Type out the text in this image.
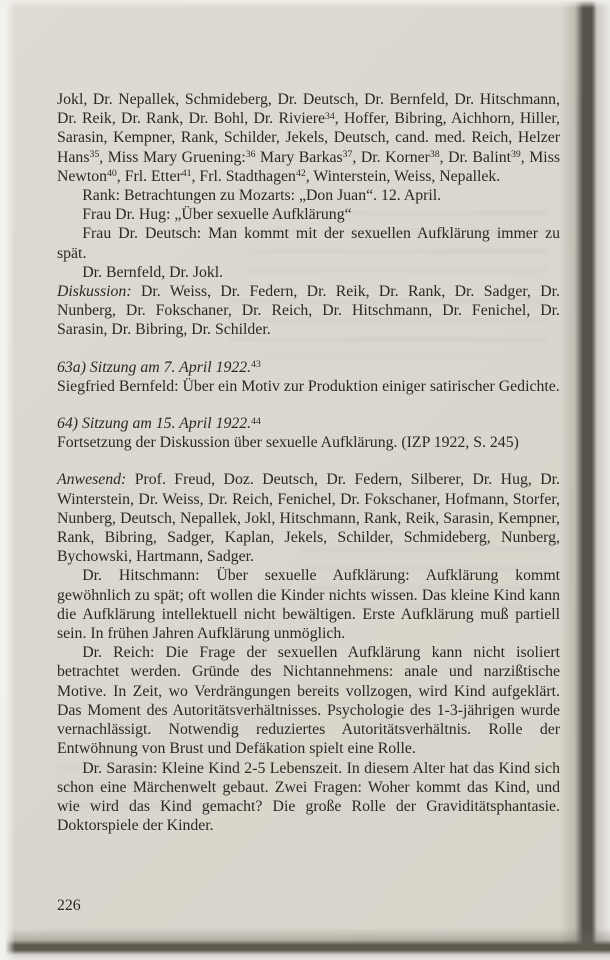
Jokl, Dr. Nepallek, Schmideberg, Dr. Deutsch, Dr. Bernfeld, Dr. Hitschmann, Dr. Reik, Dr. Rank, Dr. Bohl, Dr. Riviere$^{34}$, Hoffer, Bibring, Aichhorn, Hiller, Sarasin, Kempner, Rank, Schilder, Jekels, Deutsch, cand. med. Reich, Helzer Hans$^{35}$, Miss Mary Gruening:$^{36}$ Mary Barkas$^{37}$, Dr. Korner$^{38}$, Dr. Balint$^{39}$, Miss Newton$^{40}$, Frl. Etter$^{41}$, Frl. Stadthagen$^{42}$, Winterstein, Weiss, Nepallek.

Rank: Betrachtungen zu Mozarts: „Don Juan“. 12. April.

Frau Dr. Hug: „Über sexuelle Aufklärung“

Frau Dr. Deutsch: Man kommt mit der sexuellen Aufklärung immer zu spät.

Dr. Bernfeld, Dr. Jokl.

Diskussion: Dr. Weiss, Dr. Federn, Dr. Reik, Dr. Rank, Dr. Sadger, Dr. Nunberg, Dr. Fokschaner, Dr. Reich, Dr. Hitschmann, Dr. Fenichel, Dr. Sarasin, Dr. Bibring, Dr. Schilder.

63a) Sitzung am 7. April 1922.43

Siegfried Bernfeld: Über ein Motiv zur Produktion einiger satirischer Gedichte.

64) Sitzung am 15. April 1922.44

Fortsetzung der Diskussion über sexuelle Aufklärung. (IZP 1922, S. 245)

Anwesend: Prof. Freud, Doz. Deutsch, Dr. Federn, Silberer, Dr. Hug, Dr. Winterstein, Dr. Weiss, Dr. Reich, Fenichel, Dr. Fokschaner, Hofmann, Storfer, Nunberg, Deutsch, Nepallek, Jokl, Hitschmann, Rank, Reik, Sarasin, Kempner, Rank, Bibring, Sadger, Kaplan, Jekels, Schilder, Schmideberg, Nunberg, Bychowski, Hartmann, Sadger.

Dr. Hitschmann: Über sexuelle Aufklärung: Aufklärung kommt gewöhnlich zu spät; oft wollen die Kinder nichts wissen. Das kleine Kind kann die Aufklärung intellektuell nicht bewältigen. Erste Aufklärung muß partiell sein. In frühen Jahren Aufklärung unmöglich.

Dr. Reich: Die Frage der sexuellen Aufklärung kann nicht isoliert betrachtet werden. Gründe des Nichtannehmens: anale und narzißtische Motive. In Zeit, wo Verdrängungen bereits vollzogen, wird Kind aufgeklärt. Das Moment des Autoritätsverhältnisses. Psychologie des 1-3-jährigen wurde vernachlässigt. Notwendig reduziertes Autoritätsverhältnis. Rolle der Entwöhnung von Brust und Defäkation spielt eine Rolle.

Dr. Sarasin: Kleine Kind 2-5 Lebenszeit. In diesem Alter hat das Kind sich schon eine Märchenwelt gebaut. Zwei Fragen: Woher kommt das Kind, und wie wird das Kind gemacht? Die große Rolle der Graviditätsphantasie. Doktorspiele der Kinder.

226
